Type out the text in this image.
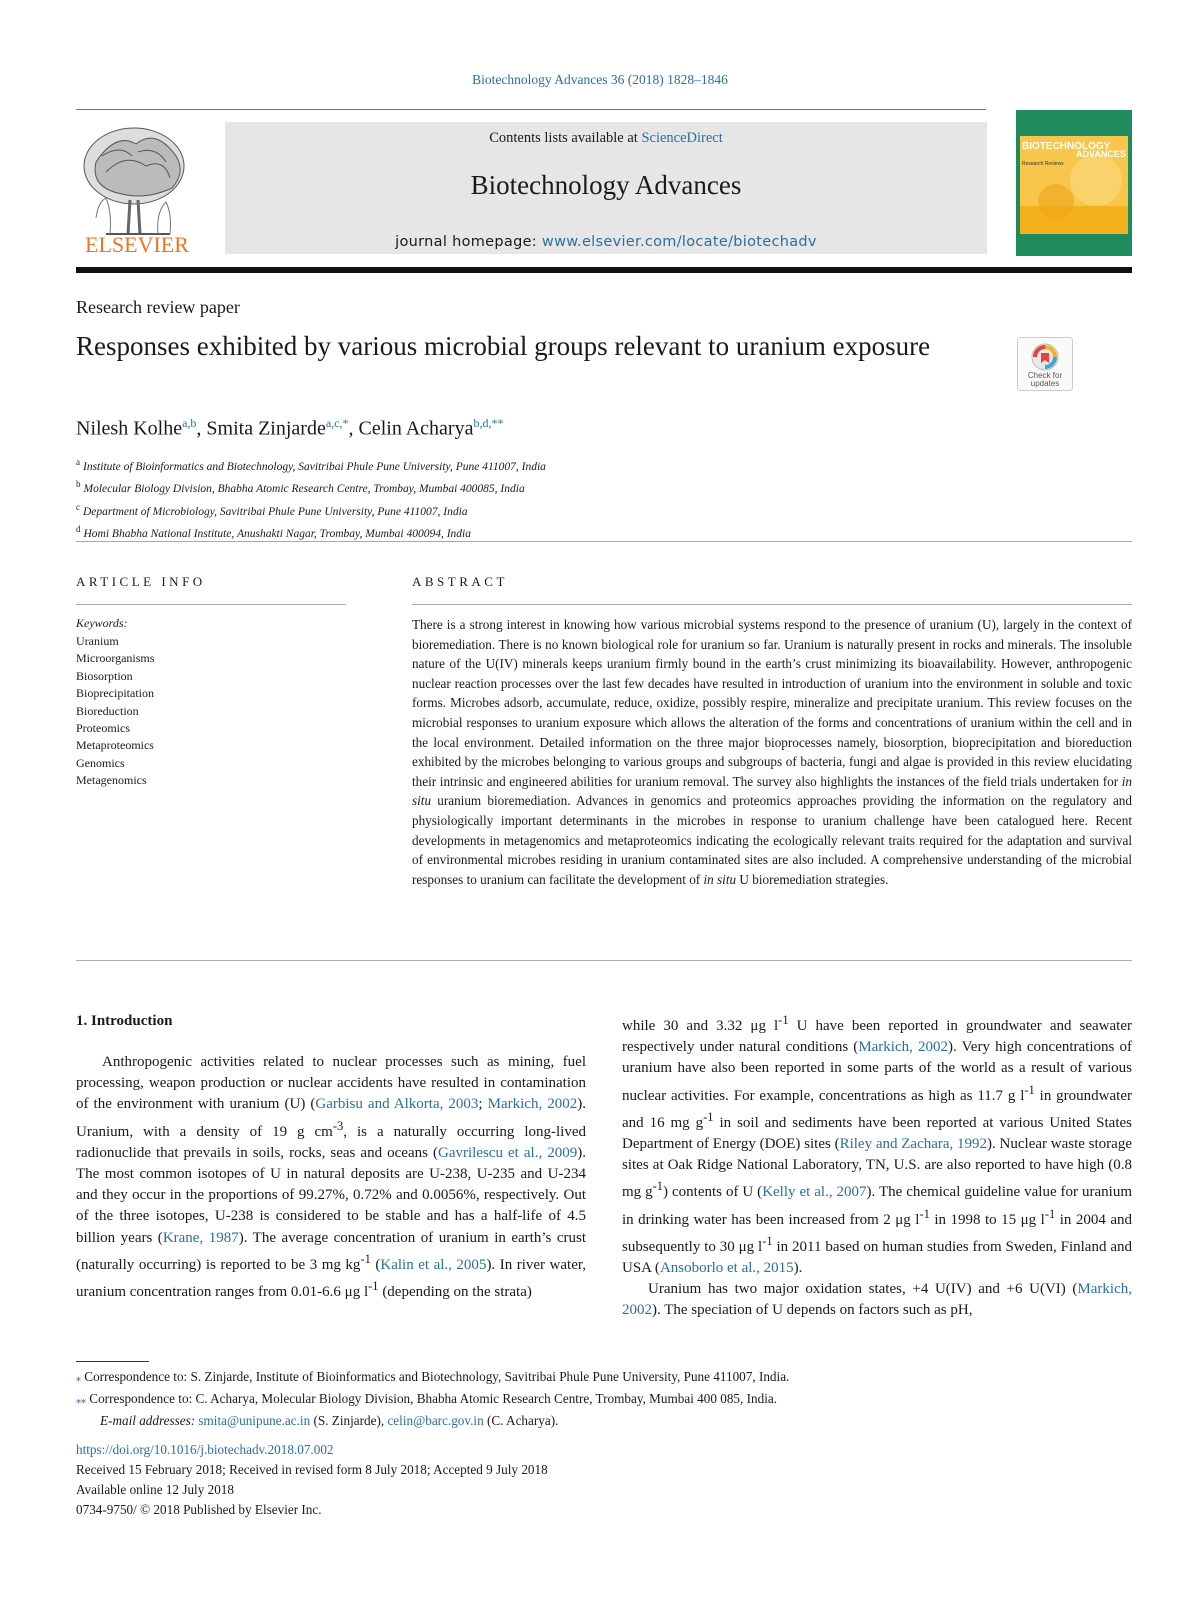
Biotechnology Advances 36 (2018) 1828–1846
ELSEVIER
Contents lists available at ScienceDirect
Biotechnology Advances
journal homepage: www.elsevier.com/locate/biotechadv
BIOTECHNOLOGY
ADVANCES
Research Reviews
Research review paper
Responses exhibited by various microbial groups relevant to uranium exposure
Check for updates
Nilesh Kolhe$^{a,b}$, Smita Zinjarde$^{a,c,*}$, Celin Acharya$^{b,d,**}$
$^a$ Institute of Bioinformatics and Biotechnology, Savitribai Phule Pune University, Pune 411007, India
$^b$ Molecular Biology Division, Bhabha Atomic Research Centre, Trombay, Mumbai 400085, India
$^c$ Department of Microbiology, Savitribai Phule Pune University, Pune 411007, India
$^d$ Homi Bhabha National Institute, Anushakti Nagar, Trombay, Mumbai 400094, India
ARTICLE INFO
Keywords:
Uranium
Microorganisms
Biosorption
Bioprecipitation
Bioreduction
Proteomics
Metaproteomics
Genomics
Metagenomics
ABSTRACT
There is a strong interest in knowing how various microbial systems respond to the presence of uranium (U), largely in the context of bioremediation. There is no known biological role for uranium so far. Uranium is naturally present in rocks and minerals. The insoluble nature of the U(IV) minerals keeps uranium firmly bound in the earth’s crust minimizing its bioavailability. However, anthropogenic nuclear reaction processes over the last few decades have resulted in introduction of uranium into the environment in soluble and toxic forms. Microbes adsorb, accumulate, reduce, oxidize, possibly respire, mineralize and precipitate uranium. This review focuses on the microbial responses to uranium exposure which allows the alteration of the forms and concentrations of uranium within the cell and in the local environment. Detailed information on the three major bioprocesses namely, biosorption, bioprecipitation and bioreduction exhibited by the microbes belonging to various groups and subgroups of bacteria, fungi and algae is provided in this review elucidating their intrinsic and engineered abilities for uranium removal. The survey also highlights the instances of the field trials undertaken for in situ uranium bioremediation. Advances in genomics and proteomics approaches providing the information on the regulatory and physiologically important determinants in the microbes in response to uranium challenge have been catalogued here. Recent developments in metagenomics and metaproteomics indicating the ecologically relevant traits required for the adaptation and survival of environmental microbes residing in uranium contaminated sites are also included. A comprehensive understanding of the microbial responses to uranium can facilitate the development of in situ U bioremediation strategies.
1. Introduction

Anthropogenic activities related to nuclear processes such as mining, fuel processing, weapon production or nuclear accidents have resulted in contamination of the environment with uranium (U) (Garbisu and Alkorta, 2003; Markich, 2002). Uranium, with a density of 19 g $cm^{-3}$, is a naturally occurring long-lived radionuclide that prevails in soils, rocks, seas and oceans (Gavrilescu et al., 2009). The most common isotopes of U in natural deposits are U-238, U-235 and U-234 and they occur in the proportions of 99.27%, 0.72% and 0.0056%, respectively. Out of the three isotopes, U-238 is considered to be stable and has a half-life of 4.5 billion years (Krane, 1987). The average concentration of uranium in earth’s crust (naturally occurring) is reported to be 3 mg $kg^{-1}$ (Kalin et al., 2005). In river water, uranium concentration ranges from 0.01-6.6 μg $l^{-1}$ (depending on the strata)

while 30 and 3.32 μg $l^{-1}$ U have been reported in groundwater and seawater respectively under natural conditions (Markich, 2002). Very high concentrations of uranium have also been reported in some parts of the world as a result of various nuclear activities. For example, concentrations as high as 11.7 g $l^{-1}$ in groundwater and 16 mg $g^{-1}$ in soil and sediments have been reported at various United States Department of Energy (DOE) sites (Riley and Zachara, 1992). Nuclear waste storage sites at Oak Ridge National Laboratory, TN, U.S. are also reported to have high (0.8 mg $g^{-1}$) contents of U (Kelly et al., 2007). The chemical guideline value for uranium in drinking water has been increased from 2 μg $l^{-1}$ in 1998 to 15 μg $l^{-1}$ in 2004 and subsequently to 30 μg $l^{-1}$ in 2011 based on human studies from Sweden, Finland and USA (Ansoborlo et al., 2015).

Uranium has two major oxidation states, +4 U(IV) and +6 U(VI) (Markich, 2002). The speciation of U depends on factors such as pH,

⁎ Correspondence to: S. Zinjarde, Institute of Bioinformatics and Biotechnology, Savitribai Phule Pune University, Pune 411007, India.
⁎⁎ Correspondence to: C. Acharya, Molecular Biology Division, Bhabha Atomic Research Centre, Trombay, Mumbai 400 085, India.
E-mail addresses: smita@unipune.ac.in (S. Zinjarde), celin@barc.gov.in (C. Acharya).
https://doi.org/10.1016/j.biotechadv.2018.07.002
Received 15 February 2018; Received in revised form 8 July 2018; Accepted 9 July 2018
Available online 12 July 2018
0734-9750/ © 2018 Published by Elsevier Inc.
